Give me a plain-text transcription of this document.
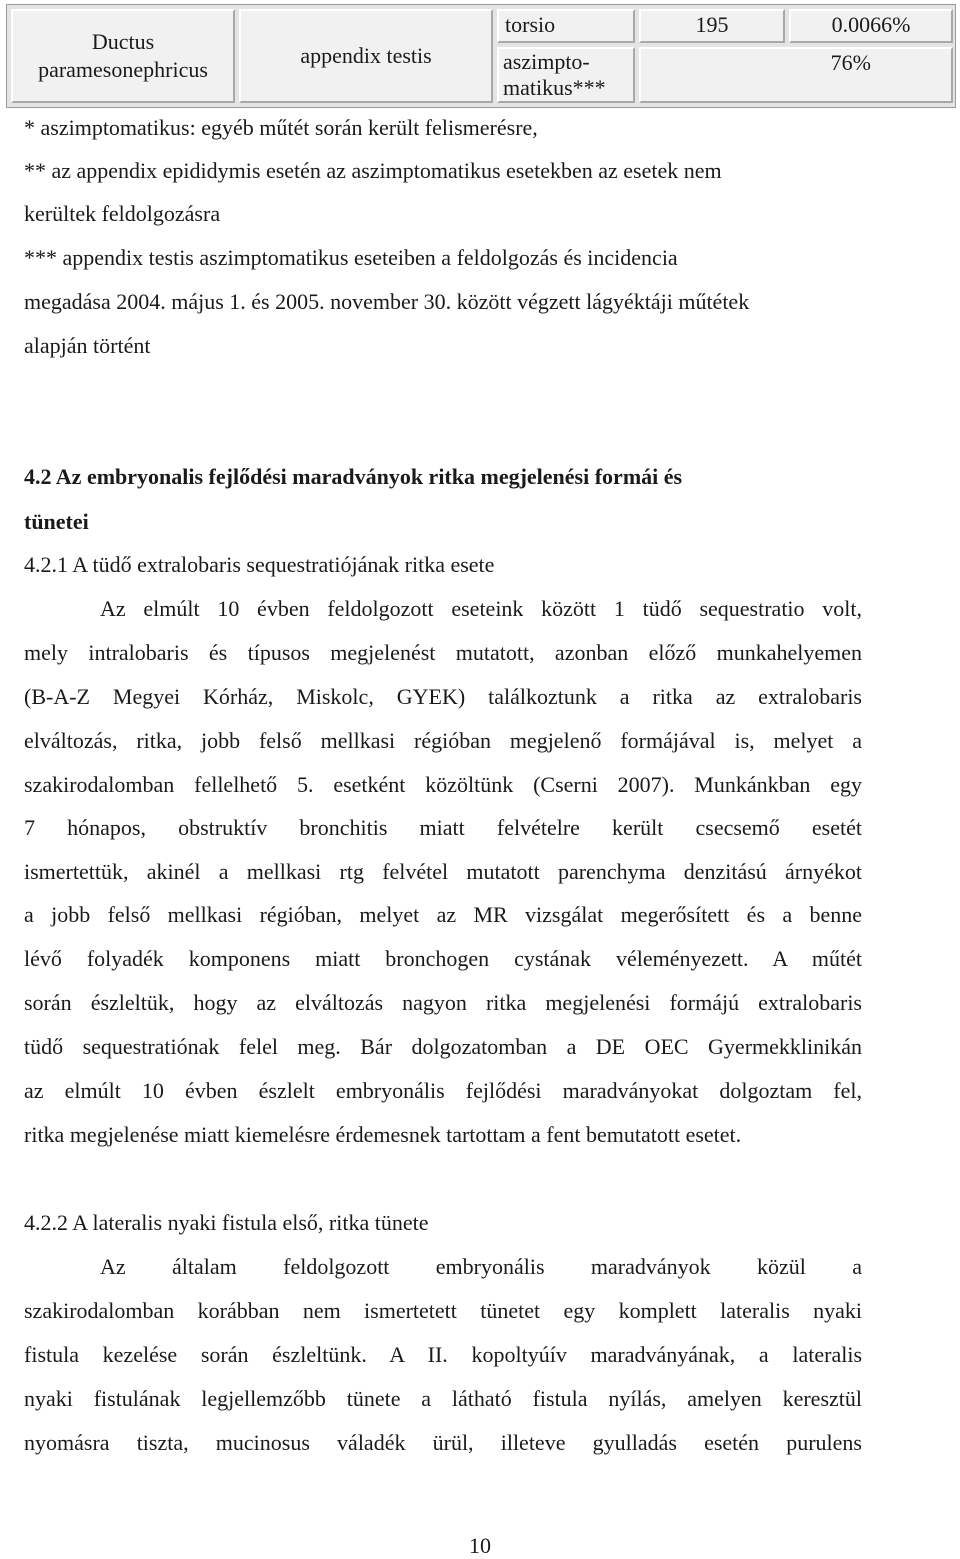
Ductus
paramesonephricus
appendix testis
torsio	195	0.0066%
aszimpto-
matikus***
76%
* aszimptomatikus: egyéb műtét során került felismerésre,
** az appendix epididymis esetén az aszimptomatikus esetekben az esetek nem
kerültek feldolgozásra
*** appendix testis aszimptomatikus eseteiben a feldolgozás és incidencia
megadása 2004. május 1. és 2005. november 30. között végzett lágyéktáji műtétek
alapján történt
4.2 Az embryonalis fejlődési maradványok ritka megjelenési formái és
tünetei
4.2.1 A tüdő extralobaris sequestratiójának ritka esete
Az elmúlt 10 évben feldolgozott eseteink között 1 tüdő sequestratio volt,
mely intralobaris és típusos megjelenést mutatott, azonban előző munkahelyemen
(B-A-Z Megyei Kórház, Miskolc, GYEK) találkoztunk a ritka az extralobaris
elváltozás, ritka, jobb felső mellkasi régióban megjelenő formájával is, melyet a
szakirodalomban fellelhető 5. esetként közöltünk (Cserni 2007). Munkánkban egy
7 hónapos, obstruktív bronchitis miatt felvételre került csecsemő esetét
ismertettük, akinél a mellkasi rtg felvétel mutatott parenchyma denzitású árnyékot
a jobb felső mellkasi régióban, melyet az MR vizsgálat megerősített és a benne
lévő folyadék komponens miatt bronchogen cystának véleményezett. A műtét
során észleltük, hogy az elváltozás nagyon ritka megjelenési formájú extralobaris
tüdő sequestratiónak felel meg. Bár dolgozatomban a DE OEC Gyermekklinikán
az elmúlt 10 évben észlelt embryonális fejlődési maradványokat dolgoztam fel,
ritka megjelenése miatt kiemelésre érdemesnek tartottam a fent bemutatott esetet.
4.2.2 A lateralis nyaki fistula első, ritka tünete
Az általam feldolgozott embryonális maradványok közül a
szakirodalomban korábban nem ismertetett tünetet egy komplett lateralis nyaki
fistula kezelése során észleltünk. A II. kopoltyúív maradványának, a lateralis
nyaki fistulának legjellemzőbb tünete a látható fistula nyílás, amelyen keresztül
nyomásra tiszta, mucinosus váladék ürül, illeteve gyulladás esetén purulens
10
